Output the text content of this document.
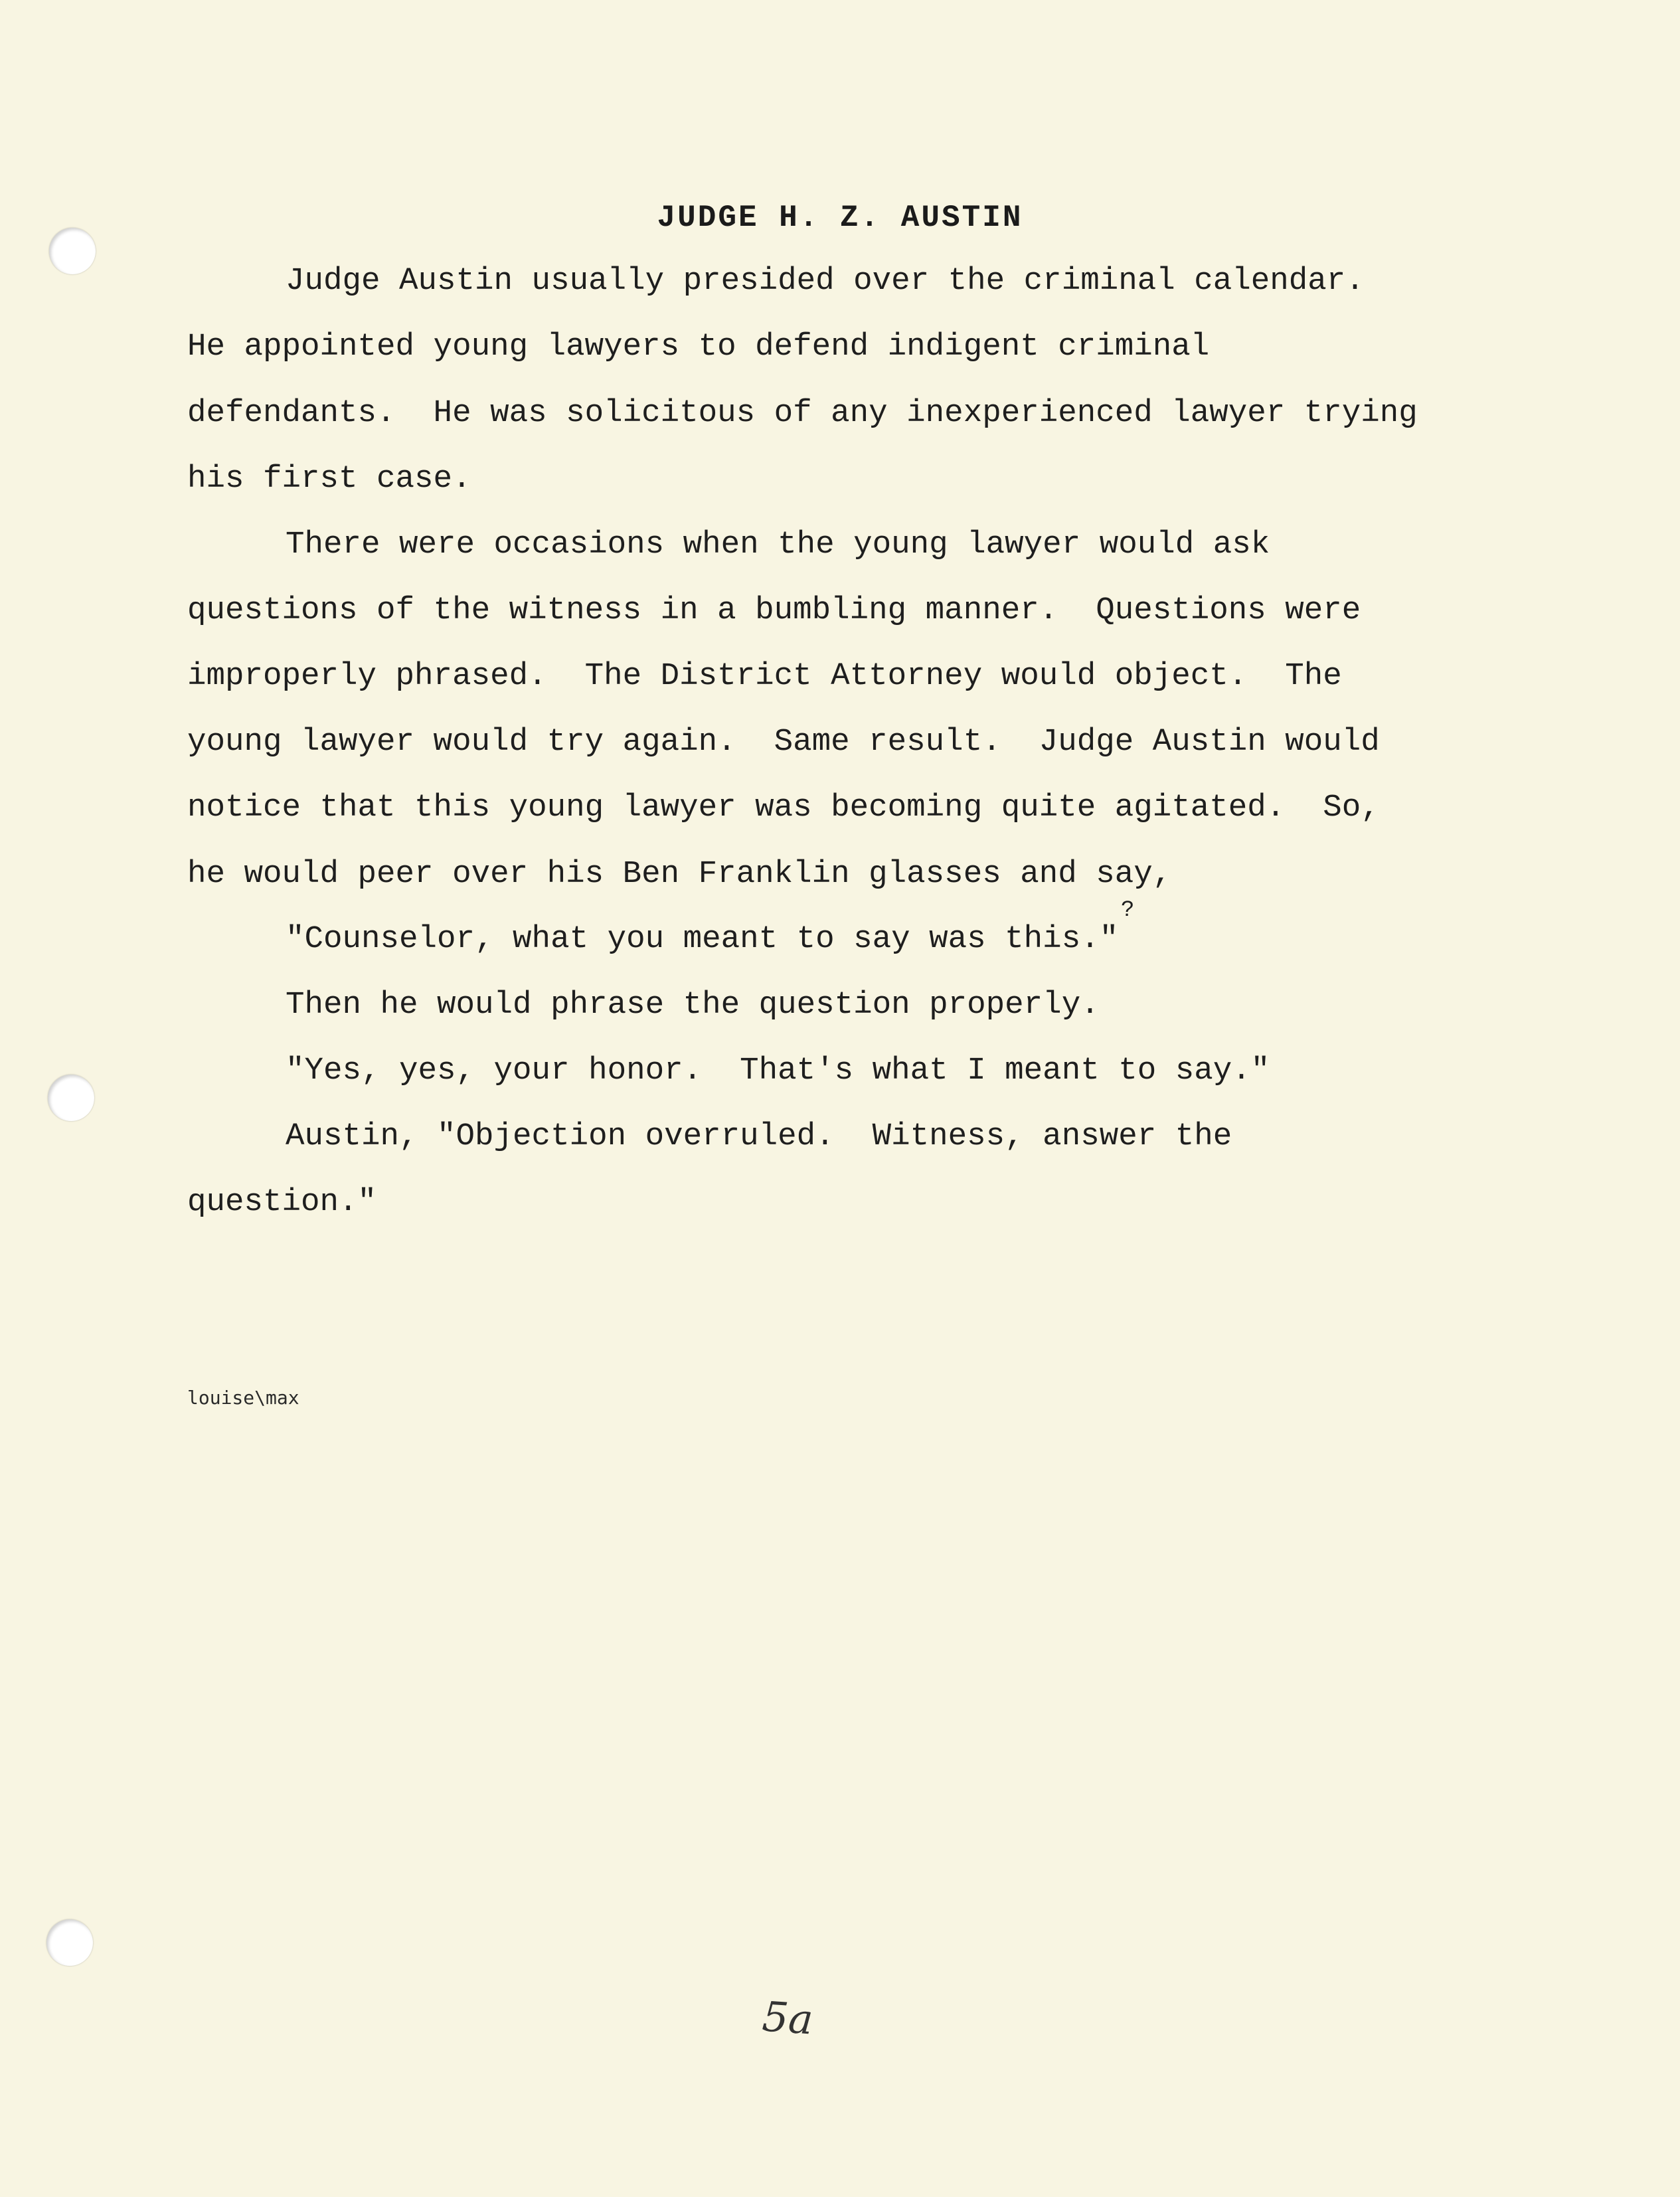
JUDGE H. Z. AUSTIN
Judge Austin usually presided over the criminal calendar.
He appointed young lawyers to defend indigent criminal
defendants.  He was solicitous of any inexperienced lawyer trying
his first case.
There were occasions when the young lawyer would ask
questions of the witness in a bumbling manner.  Questions were
improperly phrased.  The District Attorney would object.  The
young lawyer would try again.  Same result.  Judge Austin would
notice that this young lawyer was becoming quite agitated.  So,
he would peer over his Ben Franklin glasses and say,
"Counselor, what you meant to say was this."
?
Then he would phrase the question properly.
"Yes, yes, your honor.  That's what I meant to say."
Austin, "Objection overruled.  Witness, answer the
question."
louise\max
5a
